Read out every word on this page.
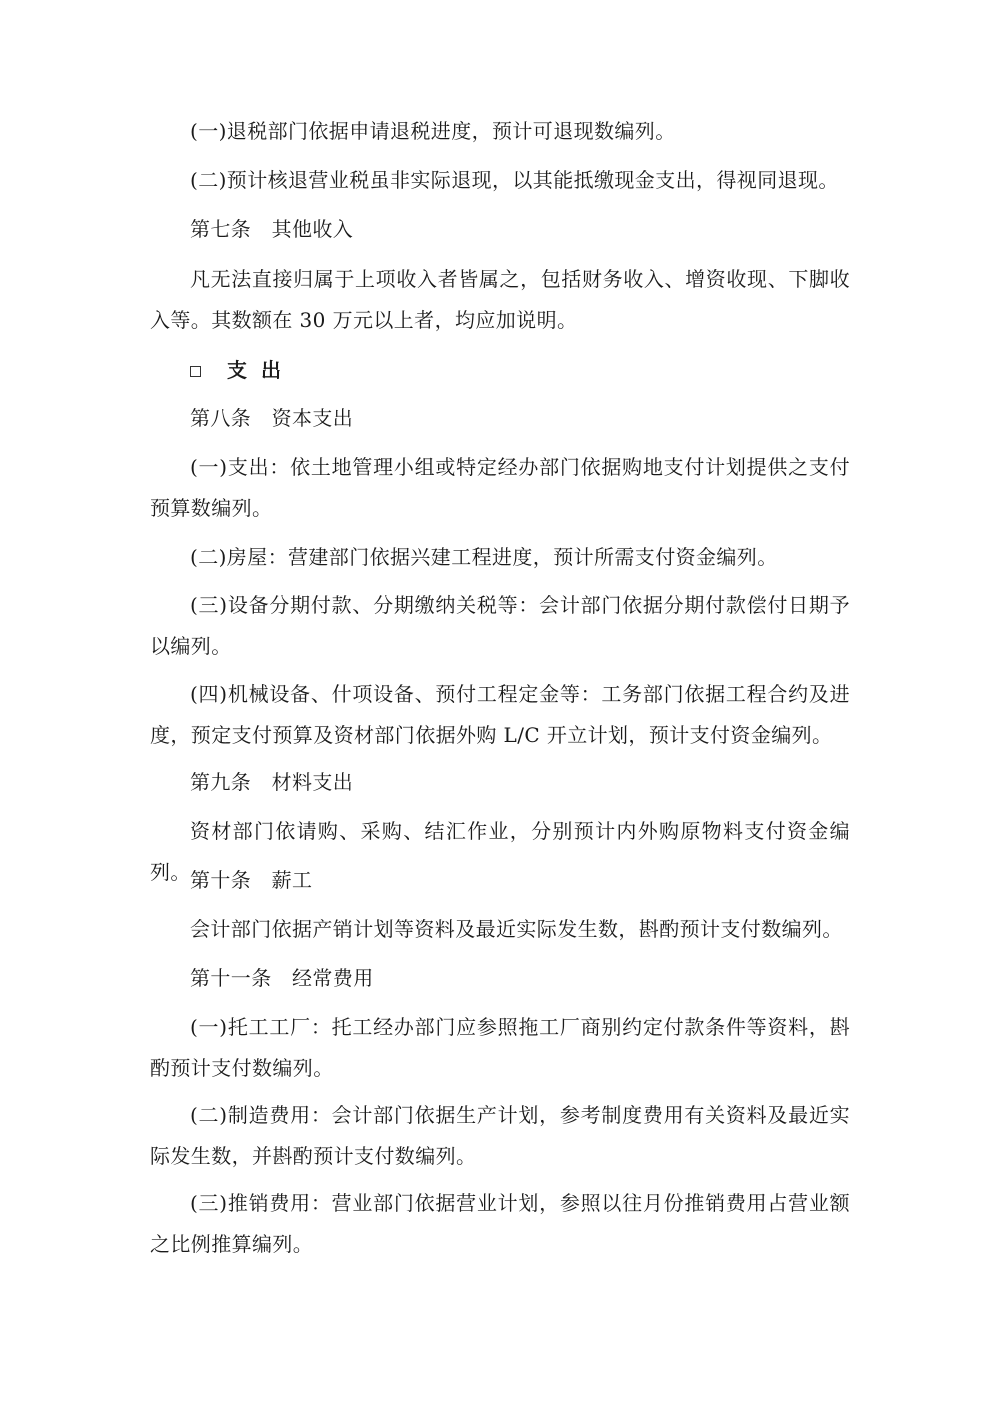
(一)退税部门依据申请退税进度，预计可退现数编列。

(二)预计核退营业税虽非实际退现，以其能抵缴现金支出，得视同退现。

第七条　其他收入

凡无法直接归属于上项收入者皆属之，包括财务收入、增资收现、下脚收入等。其数额在 30 万元以上者，均应加说明。

支出

第八条　资本支出

(一)支出：依土地管理小组或特定经办部门依据购地支付计划提供之支付预算数编列。

(二)房屋：营建部门依据兴建工程进度，预计所需支付资金编列。

(三)设备分期付款、分期缴纳关税等：会计部门依据分期付款偿付日期予以编列。

(四)机械设备、什项设备、预付工程定金等：工务部门依据工程合约及进度，预定支付预算及资材部门依据外购 L/C 开立计划，预计支付资金编列。

第九条　材料支出

资材部门依请购、采购、结汇作业，分别预计内外购原物料支付资金编列。 第十条　薪工

会计部门依据产销计划等资料及最近实际发生数，斟酌预计支付数编列。

第十一条　经常费用

(一)托工工厂：托工经办部门应参照拖工厂商别约定付款条件等资料，斟酌预计支付数编列。

(二)制造费用：会计部门依据生产计划，参考制度费用有关资料及最近实际发生数，并斟酌预计支付数编列。

(三)推销费用：营业部门依据营业计划，参照以往月份推销费用占营业额之比例推算编列。
